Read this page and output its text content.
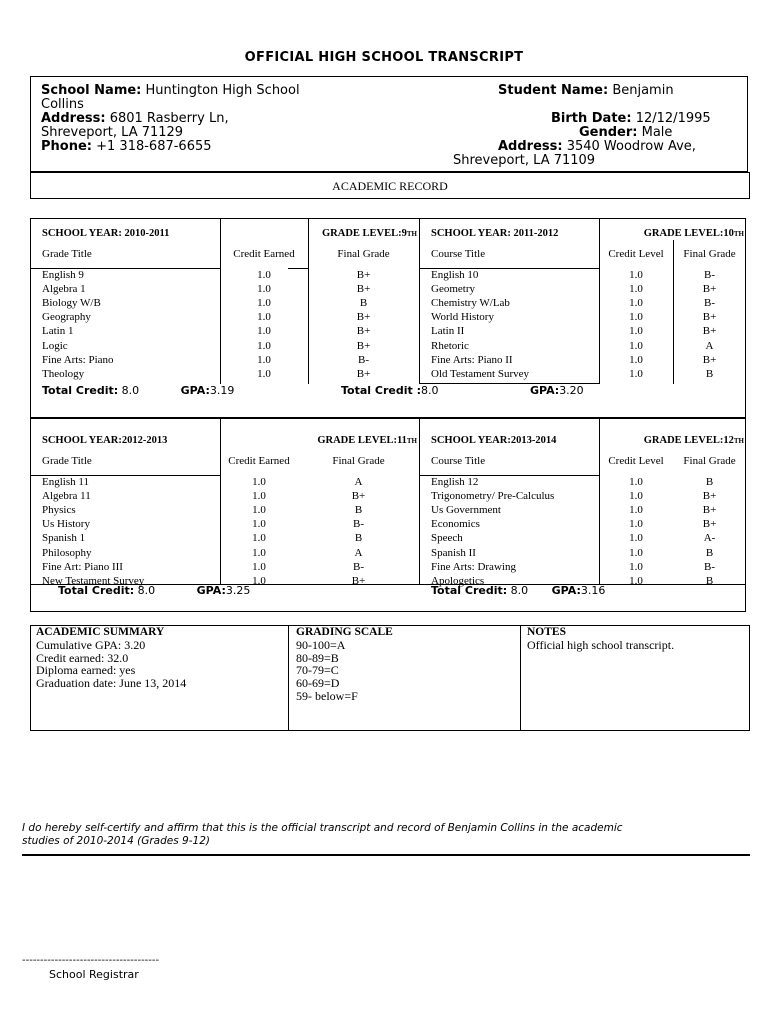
OFFICIAL HIGH SCHOOL TRANSCRIPT
School Name: Huntington High School
Collins
Address: 6801 Rasberry Ln,
Shreveport, LA 71129
Phone: +1 318-687-6655
Student Name: Benjamin
Birth Date: 12/12/1995
Gender: Male
Address: 3540 Woodrow Ave,
Shreveport, LA 71109
ACADEMIC RECORD
SCHOOL YEAR: 2010-2011	GRADE LEVEL:9TH	
Grade Title	Credit Earned	Final Grade
English 9	1.0	B+
Algebra 1	1.0	B+
Biology W/B	1.0	B
Geography	1.0	B+
Latin 1	1.0	B+
Logic	1.0	B+
Fine Arts: Piano	1.0	B-
Theology	1.0	B+
SCHOOL YEAR: 2011-2012	GRADE LEVEL:10TH	
Course Title	Credit Level	Final Grade
English 10	1.0	B-
Geometry	1.0	B+
Chemistry W/Lab	1.0	B-
World History	1.0	B+
Latin II	1.0	B+
Rhetoric	1.0	A
Fine Arts: Piano II	1.0	B+
Old Testament Survey	1.0	B
Total Credit: 8.0	GPA:3.19	Total Credit :8.0	GPA:3.20
SCHOOL YEAR:2012-2013	GRADE LEVEL:11TH	
Grade Title	Credit Earned	Final Grade
English 11	1.0	A
Algebra 11	1.0	B+
Physics	1.0	B
Us History	1.0	B-
Spanish 1	1.0	B
Philosophy	1.0	A
Fine Art: Piano III	1.0	B-
New Testament Survey	1.0	B+
SCHOOL YEAR:2013-2014	GRADE LEVEL:12TH	
Course Title	Credit Level	Final Grade
English 12	1.0	B
Trigonometry/ Pre-Calculus	1.0	B+
Us Government	1.0	B+
Economics	1.0	B+
Speech	1.0	A-
Spanish II	1.0	B
Fine Arts: Drawing	1.0	B-
Apologetics	1.0	B
Total Credit: 8.0	GPA:3.25	Total Credit: 8.0 GPA:3.16
ACADEMIC SUMMARY
Cumulative GPA: 3.20
Credit earned: 32.0
Diploma earned: yes
Graduation date: June 13, 2014
GRADING SCALE
90-100=A
80-89=B
70-79=C
60-69=D
59- below=F
NOTES
Official high school transcript.
I do hereby self-certify and affirm that this is the official transcript and record of Benjamin Collins in the academic studies of 2010-2014 (Grades 9-12)
--------------------------------------
School Registrar
